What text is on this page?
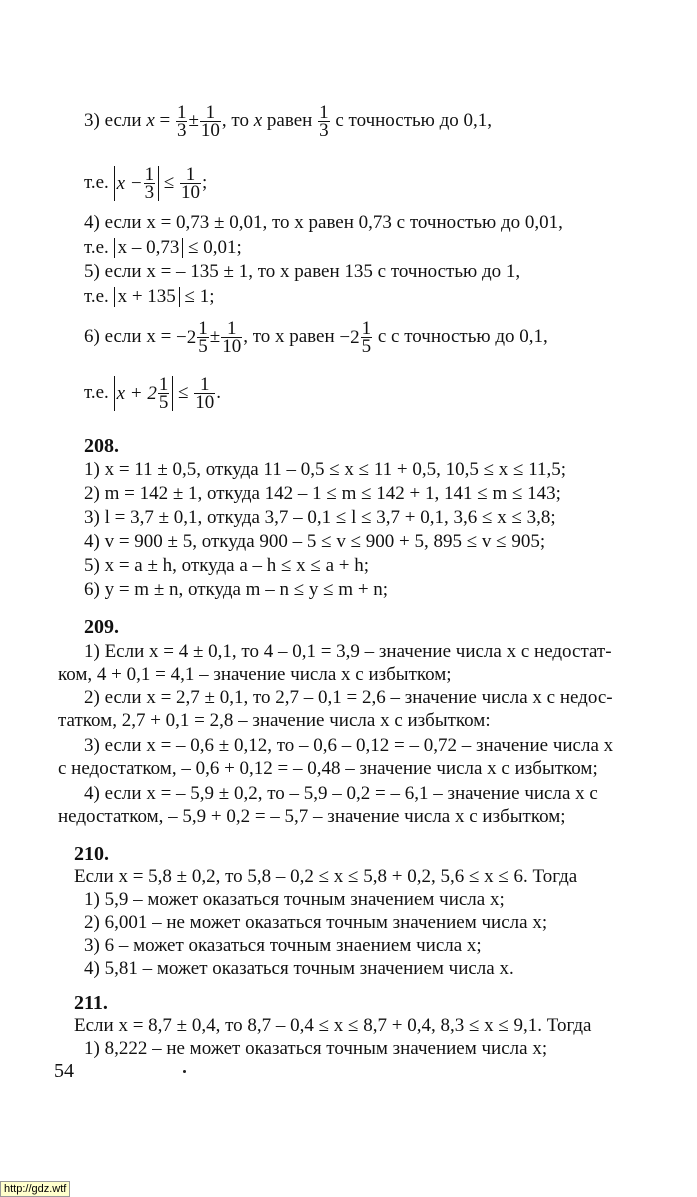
3) если $x = \frac{1}{3} \pm \frac{1}{10}$ , то x равен $\frac{1}{3}$ с точностью до 0,1,
т.е. $x - \frac{1}{3} \le \frac{1}{10}$ ;
4) если x = 0,73 ± 0,01, то x равен 0,73 с точностью до 0,01,
т.е. x – 0,73 ≤ 0,01;
5) если x = – 135 ± 1, то x равен 135 с точностью до 1,
т.е. x + 135 ≤ 1;
6) если $x = -2 \frac{1}{5} \pm \frac{1}{10}$ , то x равен $-2 \frac{1}{5}$ c с точностью до 0,1,
т.е. $x + 2 \frac{1}{5} \le \frac{1}{10}$ .
208.
1) x = 11 ± 0,5, откуда 11 – 0,5 ≤ x ≤ 11 + 0,5, 10,5 ≤ x ≤ 11,5;
2) m = 142 ± 1, откуда 142 – 1 ≤ m ≤ 142 + 1, 141 ≤ m ≤ 143;
3) l = 3,7 ± 0,1, откуда 3,7 – 0,1 ≤ l ≤ 3,7 + 0,1, 3,6 ≤ x ≤ 3,8;
4) v = 900 ± 5, откуда 900 – 5 ≤ v ≤ 900 + 5, 895 ≤ v ≤ 905;
5) x = a ± h, откуда a – h ≤ x ≤ a + h;
6) y = m ± n, откуда m – n ≤ y ≤ m + n;
209.
1) Если x = 4 ± 0,1, то 4 – 0,1 = 3,9 – значение числа x с недостат-
ком, 4 + 0,1 = 4,1 – значение числа x с избытком;
2) если x = 2,7 ± 0,1, то 2,7 – 0,1 = 2,6 – значение числа x с недос-
татком, 2,7 + 0,1 = 2,8 – значение числа x с избытком:
3) если x = – 0,6 ± 0,12, то – 0,6 – 0,12 = – 0,72 – значение числа x
с недостатком, – 0,6 + 0,12 = – 0,48 – значение числа x с избытком;
4) если x = – 5,9 ± 0,2, то – 5,9 – 0,2 = – 6,1 – значение числа x с
недостатком, – 5,9 + 0,2 = – 5,7 – значение числа x с избытком;
210.
Если x = 5,8 ± 0,2, то 5,8 – 0,2 ≤ x ≤ 5,8 + 0,2, 5,6 ≤ x ≤ 6. Тогда
1) 5,9 – может оказаться точным значением числа x;
2) 6,001 – не может оказаться точным значением числа x;
3) 6 – может оказаться точным знаением числа x;
4) 5,81 – может оказаться точным значением числа x.
211.
Если x = 8,7 ± 0,4, то 8,7 – 0,4 ≤ x ≤ 8,7 + 0,4, 8,3 ≤ x ≤ 9,1. Тогда
1) 8,222 – не может оказаться точным значением числа x;
54
http://gdz.wtf
